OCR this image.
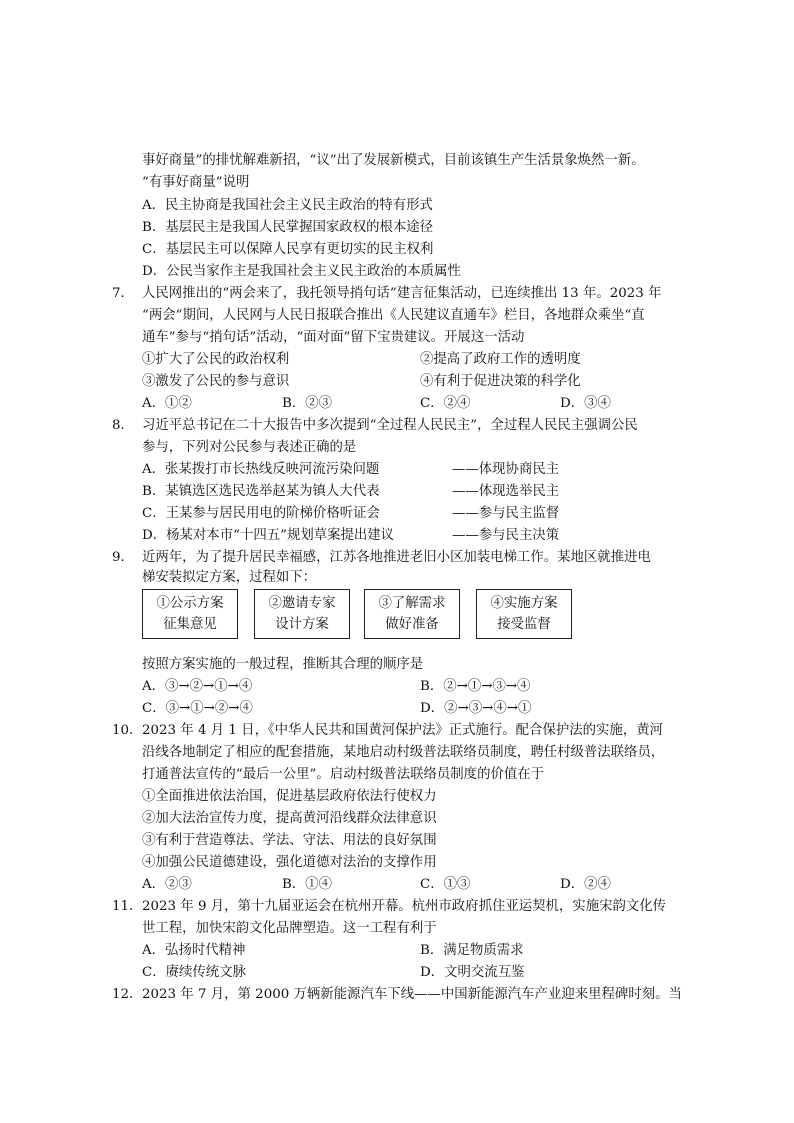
事好商量”的排忧解难新招，“议”出了发展新模式，目前该镇生产生活景象焕然一新。
“有事好商量”说明
A．民主协商是我国社会主义民主政治的特有形式
B．基层民主是我国人民掌握国家政权的根本途径
C．基层民主可以保障人民享有更切实的民主权利
D．公民当家作主是我国社会主义民主政治的本质属性
7． 人民网推出的“两会来了，我托领导捎句话”建言征集活动，已连续推出 13 年。2023 年
“两会”期间，人民网与人民日报联合推出《人民建议直通车》栏目，各地群众乘坐“直
通车”参与“捎句话”活动，“面对面”留下宝贵建议。开展这一活动
①扩大了公民的政治权利	②提高了政府工作的透明度
③激发了公民的参与意识	④有利于促进决策的科学化
A．①②	B．②③	C．②④	D．③④
8． 习近平总书记在二十大报告中多次提到“全过程人民民主”，全过程人民民主强调公民
参与，下列对公民参与表述正确的是
A．张某拨打市长热线反映河流污染问题	——体现协商民主
B．某镇选区选民选举赵某为镇人大代表	——体现选举民主
C．王某参与居民用电的阶梯价格听证会	——参与民主监督
D．杨某对本市“十四五”规划草案提出建议	——参与民主决策
9． 近两年，为了提升居民幸福感，江苏各地推进老旧小区加装电梯工作。某地区就推进电
梯安装拟定方案，过程如下：
①公示方案
征集意见
②邀请专家
设计方案
③了解需求
做好准备
④实施方案
接受监督
按照方案实施的一般过程，推断其合理的顺序是
A．③→②→①→④	B．②→①→③→④
C．③→①→②→④	D．②→③→④→①
10． 2023 年 4 月 1 日，《中华人民共和国黄河保护法》正式施行。配合保护法的实施，黄河
沿线各地制定了相应的配套措施，某地启动村级普法联络员制度，聘任村级普法联络员，
打通普法宣传的“最后一公里”。启动村级普法联络员制度的价值在于
①全面推进依法治国，促进基层政府依法行使权力
②加大法治宣传力度，提高黄河沿线群众法律意识
③有利于营造尊法、学法、守法、用法的良好氛围
④加强公民道德建设，强化道德对法治的支撑作用
A．②③	B．①④	C．①③	D．②④
11． 2023 年 9 月，第十九届亚运会在杭州开幕。杭州市政府抓住亚运契机，实施宋韵文化传
世工程，加快宋韵文化品牌塑造。这一工程有利于
A．弘扬时代精神	B．满足物质需求
C．赓续传统文脉	D．文明交流互鉴
12． 2023 年 7 月，第 2000 万辆新能源汽车下线——中国新能源汽车产业迎来里程碑时刻。当
